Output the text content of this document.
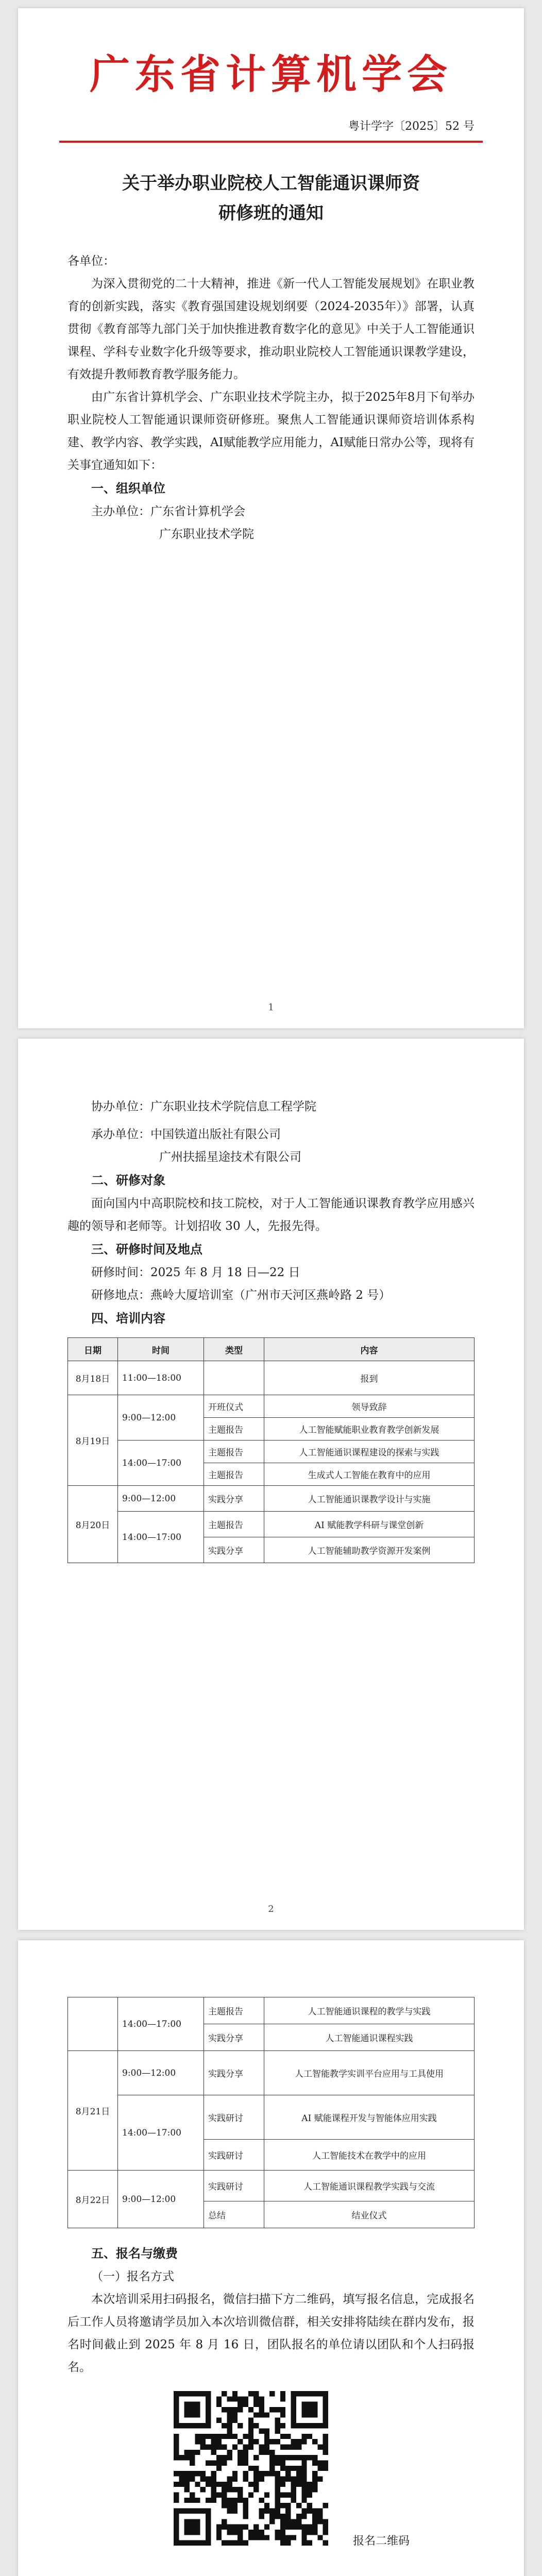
广东省计算机学会
粤计学字〔2025〕52 号
关于举办职业院校人工智能通识课师资
研修班的通知

各单位：

为深入贯彻党的二十大精神，推进《新一代人工智能发展规划》在职业教育的创新实践，落实《教育强国建设规划纲要（2024-2035年）》部署，认真贯彻《教育部等九部门关于加快推进教育数字化的意见》中关于人工智能通识课程、学科专业数字化升级等要求，推动职业院校人工智能通识课教学建设，有效提升教师教育教学服务能力。

由广东省计算机学会、广东职业技术学院主办，拟于2025年8月下旬举办职业院校人工智能通识课师资研修班。聚焦人工智能通识课师资培训体系构建、教学内容、教学实践，AI赋能教学应用能力，AI赋能日常办公等，现将有关事宜通知如下：

一、组织单位

主办单位：广东省计算机学会

广东职业技术学院

1

协办单位：广东职业技术学院信息工程学院

承办单位：中国铁道出版社有限公司

广州扶摇星途技术有限公司

二、研修对象

面向国内中高职院校和技工院校，对于人工智能通识课教育教学应用感兴趣的领导和老师等。计划招收 30 人，先报先得。

三、研修时间及地点

研修时间：2025 年 8 月 18 日—22 日

研修地点：燕岭大厦培训室（广州市天河区燕岭路 2 号）

四、培训内容

日期	时间	类型	内容
8月18日	11:00—18:00		报到
8月19日	9:00—12:00	开班仪式	领导致辞
		主题报告	人工智能赋能职业教育教学创新发展
	14:00—17:00	主题报告	人工智能通识课程建设的探索与实践
		主题报告	生成式人工智能在教育中的应用
8月20日	9:00—12:00	实践分享	人工智能通识课教学设计与实施
	14:00—17:00	主题报告	AI 赋能教学科研与课堂创新
		实践分享	人工智能辅助教学资源开发案例
2
	14:00—17:00	主题报告	人工智能通识课程的教学与实践
		实践分享	人工智能通识课程实践
8月21日	9:00—12:00	实践分享	人工智能教学实训平台应用与工具使用
	14:00—17:00	实践研讨	AI 赋能课程开发与智能体应用实践
		实践研讨	人工智能技术在教学中的应用
8月22日	9:00—12:00	实践研讨	人工智能通识课程教学实践与交流
		总结	结业仪式

五、报名与缴费

（一）报名方式

本次培训采用扫码报名，微信扫描下方二维码，填写报名信息，完成报名后工作人员将邀请学员加入本次培训微信群，相关安排将陆续在群内发布，报名时间截止到 2025 年 8 月 16 日，团队报名的单位请以团队和个人扫码报名。

报名二维码
